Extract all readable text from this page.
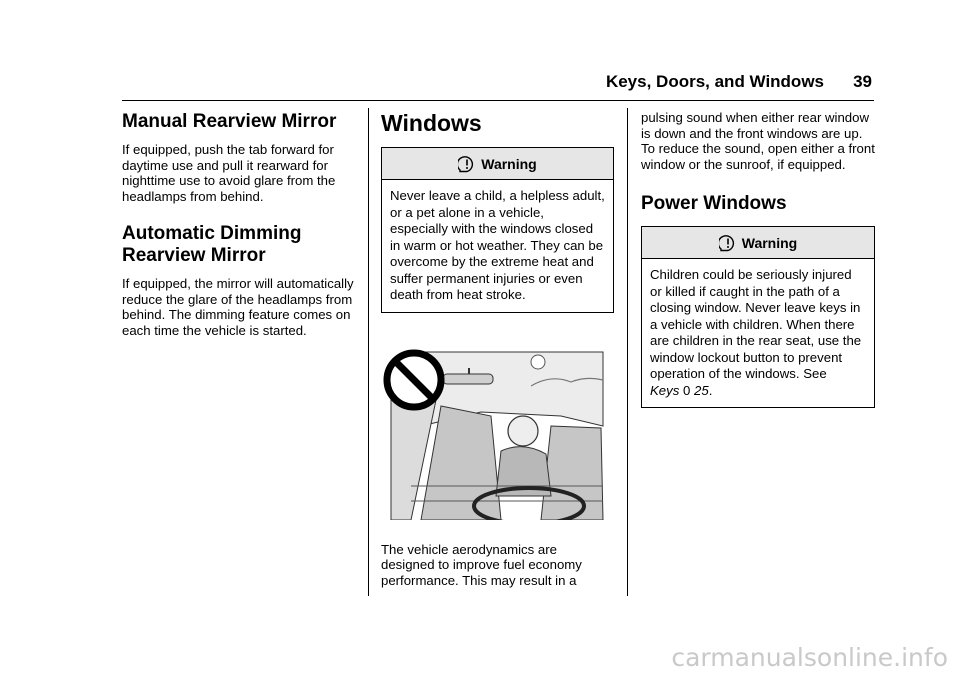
Keys, Doors, and Windows 39
Manual Rearview Mirror

If equipped, push the tab forward for daytime use and pull it rearward for nighttime use to avoid glare from the headlamps from behind.

Automatic Dimming
Rearview Mirror

If equipped, the mirror will automatically reduce the glare of the headlamps from behind. The dimming feature comes on each time the vehicle is started.

Windows
Warning
Never leave a child, a helpless adult, or a pet alone in a vehicle, especially with the windows closed in warm or hot weather. They can be overcome by the extreme heat and suffer permanent injuries or even death from heat stroke.

The vehicle aerodynamics are designed to improve fuel economy performance. This may result in a

pulsing sound when either rear window is down and the front windows are up. To reduce the sound, open either a front window or the sunroof, if equipped.

Power Windows
Warning
Children could be seriously injured or killed if caught in the path of a closing window. Never leave keys in a vehicle with children. When there are children in the rear seat, use the window lockout button to prevent operation of the windows. See
Keys 0 25.
carmanualsonline.info
